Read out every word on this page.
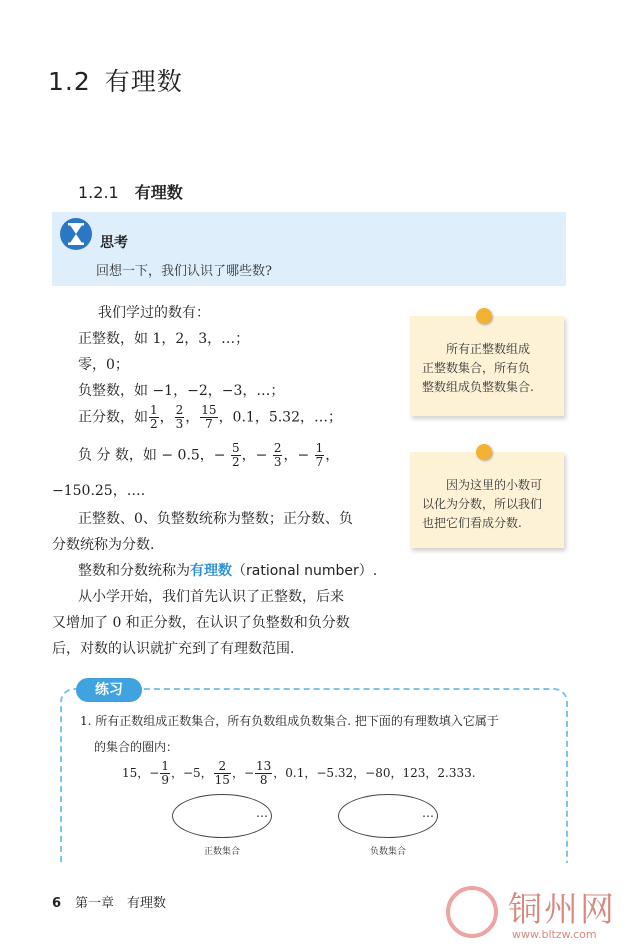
1.2 有理数
1.2.1 有理数
思考
回想一下，我们认识了哪些数?
我们学过的数有：
正整数，如 1，2，3，…；
零，0；
负整数，如 −1，−2，−3，…；
正分数，如 $\frac{1}{2}$ ， $\frac{2}{3}$ ， $\frac{15}{7}$ ，0.1，5.32，…；
负 分 数，如 − 0.5，− $\frac{5}{2}$ ，− $\frac{2}{3}$ ，− $\frac{1}{7}$ ，
−150.25，….
正整数、0、负整数统称为整数；正分数、负
分数统称为分数.
整数和分数统称为有理数（rational number）.
从小学开始，我们首先认识了正整数，后来
又增加了 0 和正分数，在认识了负整数和负分数
后，对数的认识就扩充到了有理数范围.
所有正整数组成
正整数集合，所有负
整数组成负整数集合.
因为这里的小数可
以化为分数，所以我们
也把它们看成分数.
练习
1. 所有正数组成正数集合，所有负数组成负数集合. 把下面的有理数填入它属于
的集合的圈内：
15，− $\frac{1}{9}$ ，−5， $\frac{2}{15}$ ，− $\frac{13}{8}$ ，0.1，−5.32，−80，123，2.333.
…
正数集合
…
负数集合
6 第一章　有理数	铜州网
www.bltzw.com
